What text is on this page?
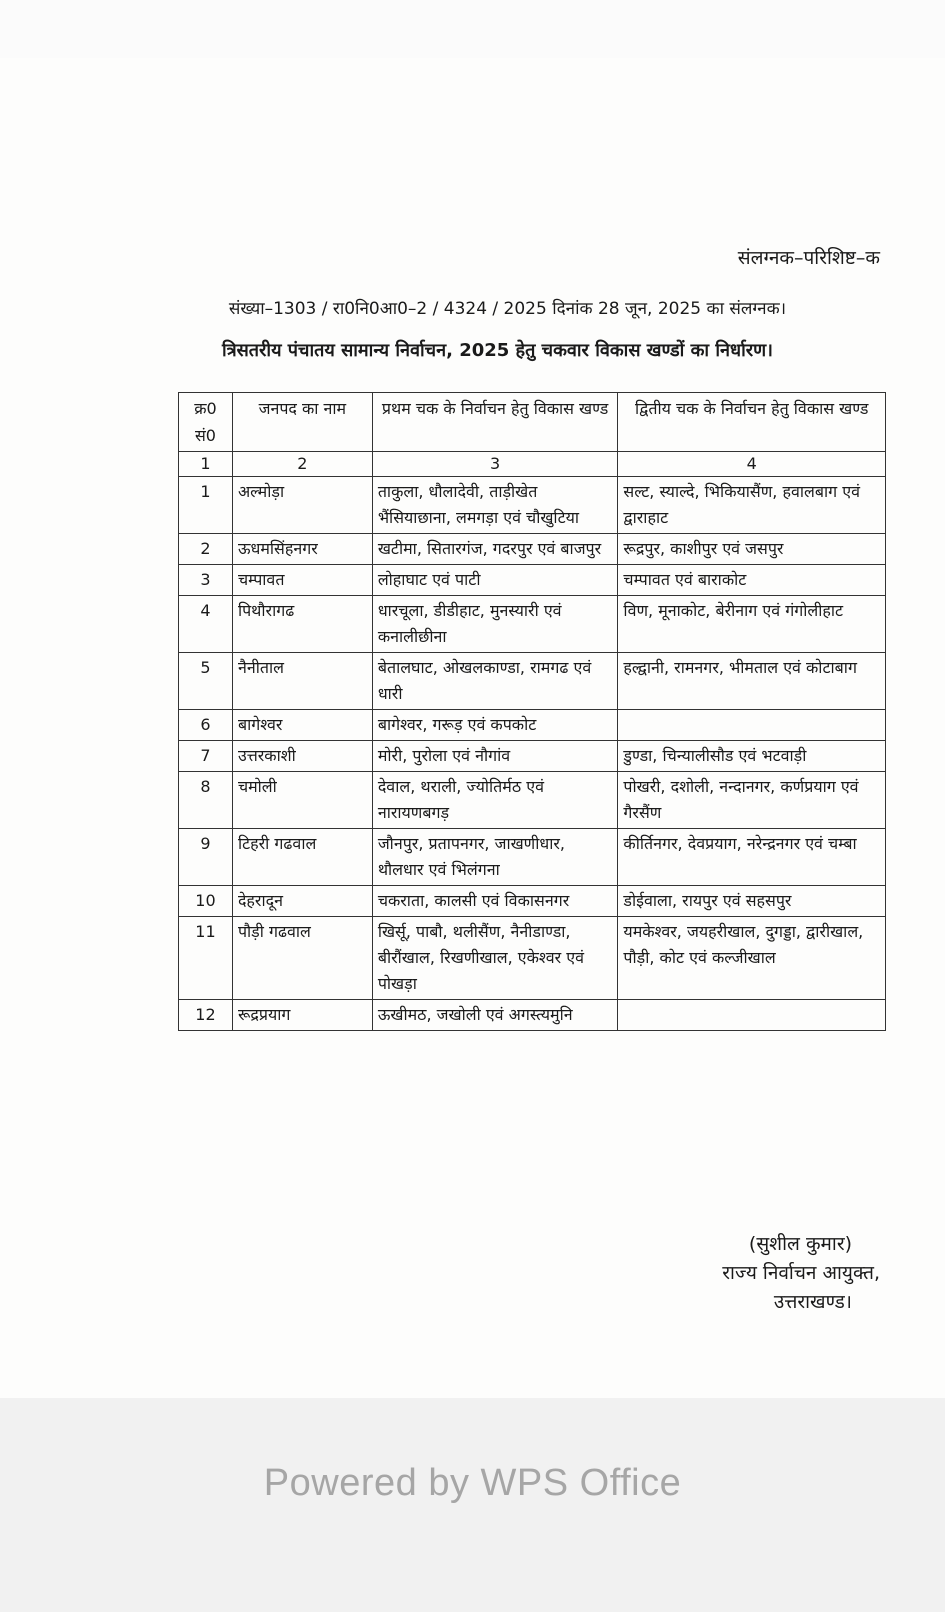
संलग्नक–परिशिष्ट–क
संख्या–1303 / रा0नि0आ0–2 / 4324 / 2025 दिनांक 28 जून, 2025 का संलग्नक।
त्रिसतरीय पंचातय सामान्य निर्वाचन, 2025 हेतु चकवार विकास खण्डों का निर्धारण।
क्र0 सं0	जनपद का नाम	प्रथम चक के निर्वाचन हेतु विकास खण्ड	द्वितीय चक के निर्वाचन हेतु विकास खण्ड
1	2	3	4
1	अल्मोड़ा	ताकुला, धौलादेवी, ताड़ीखेत भैंसियाछाना, लमगड़ा एवं चौखुटिया	सल्ट, स्याल्दे, भिकियासैंण, हवालबाग एवं द्वाराहाट
2	ऊधमसिंहनगर	खटीमा, सितारगंज, गदरपुर एवं बाजपुर	रूद्रपुर, काशीपुर एवं जसपुर
3	चम्पावत	लोहाघाट एवं पाटी	चम्पावत एवं बाराकोट
4	पिथौरागढ	धारचूला, डीडीहाट, मुनस्यारी एवं कनालीछीना	विण, मूनाकोट, बेरीनाग एवं गंगोलीहाट
5	नैनीताल	बेतालघाट, ओखलकाण्डा, रामगढ एवं धारी	हल्द्वानी, रामनगर, भीमताल एवं कोटाबाग
6	बागेश्वर	बागेश्वर, गरूड़ एवं कपकोट	
7	उत्तरकाशी	मोरी, पुरोला एवं नौगांव	डुण्डा, चिन्यालीसौड एवं भटवाड़ी
8	चमोली	देवाल, थराली, ज्योतिर्मठ एवं नारायणबगड़	पोखरी, दशोली, नन्दानगर, कर्णप्रयाग एवं गैरसैंण
9	टिहरी गढवाल	जौनपुर, प्रतापनगर, जाखणीधार, थौलधार एवं भिलंगना	कीर्तिनगर, देवप्रयाग, नरेन्द्रनगर एवं चम्बा
10	देहरादून	चकराता, कालसी एवं विकासनगर	डोईवाला, रायपुर एवं सहसपुर
11	पौड़ी गढवाल	खिर्सू, पाबौ, थलीसैंण, नैनीडाण्डा, बीरौंखाल, रिखणीखाल, एकेश्वर एवं पोखड़ा	यमकेश्वर, जयहरीखाल, दुगड्डा, द्वारीखाल, पौड़ी, कोट एवं कल्जीखाल
12	रूद्रप्रयाग	ऊखीमठ, जखोली एवं अगस्त्यमुनि	
(सुशील कुमार)
राज्य निर्वाचन आयुक्त,
उत्तराखण्ड।
Powered by WPS Office
